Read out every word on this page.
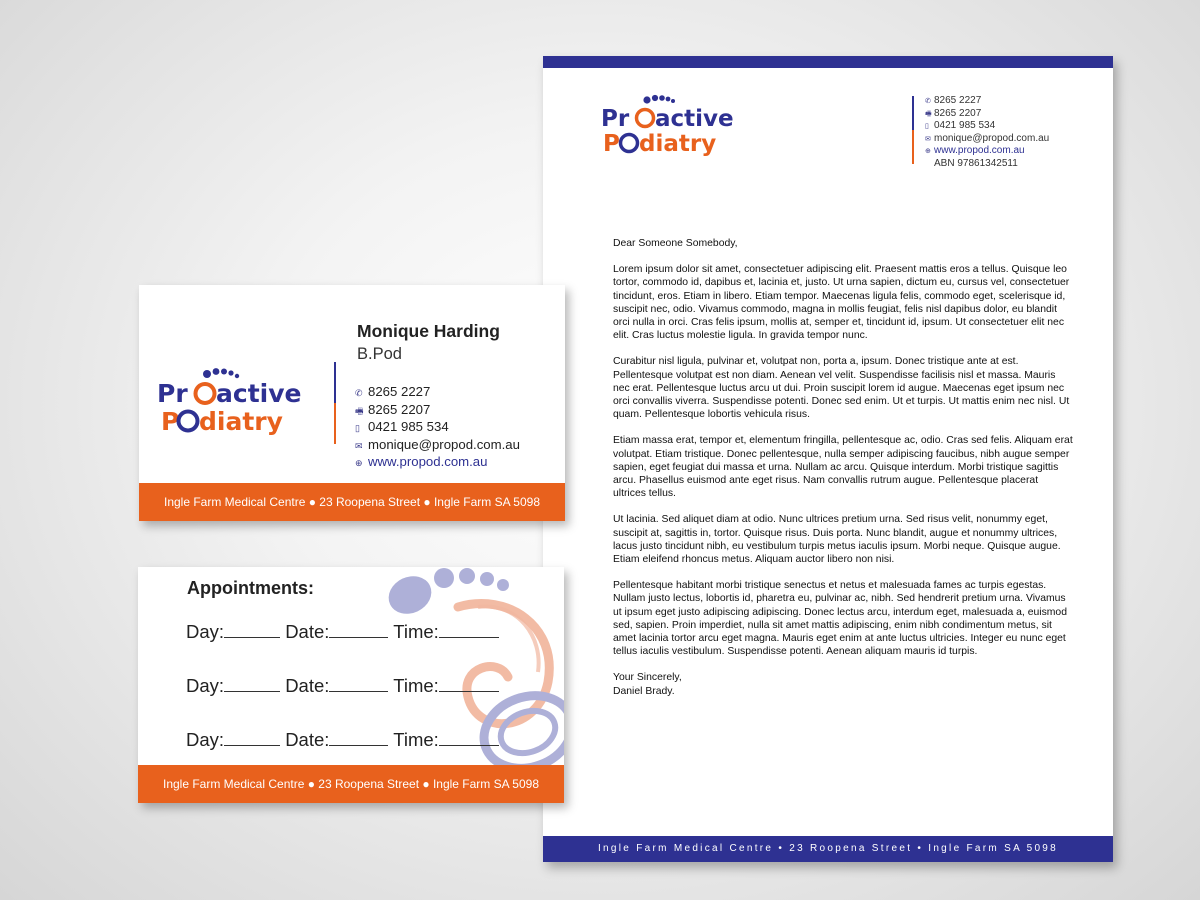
Pr active
P diatry
✆ 8265 2227
🖷 8265 2207
▯ 0421 985 534
✉ monique@propod.com.au
⊕ www.propod.com.au
ABN 97861342511

Dear Someone Somebody,

Lorem ipsum dolor sit amet, consectetuer adipiscing elit. Praesent mattis eros a tellus. Quisque leo tortor, commodo id, dapibus et, lacinia et, justo. Ut urna sapien, dictum eu, cursus vel, consectetuer tincidunt, eros. Etiam in libero. Etiam tempor. Maecenas ligula felis, commodo eget, scelerisque id, suscipit nec, odio. Vivamus commodo, magna in mollis feugiat, felis nisl dapibus dolor, eu blandit orci nulla in orci. Cras felis ipsum, mollis at, semper et, tincidunt id, ipsum. Ut consectetuer elit nec elit. Cras luctus molestie ligula. In gravida tempor nunc.

Curabitur nisl ligula, pulvinar et, volutpat non, porta a, ipsum. Donec tristique ante at est. Pellentesque volutpat est non diam. Aenean vel velit. Suspendisse facilisis nisl et massa. Mauris nec erat. Pellentesque luctus arcu ut dui. Proin suscipit lorem id augue. Maecenas eget ipsum nec orci convallis viverra. Suspendisse potenti. Donec sed enim. Ut et turpis. Ut mattis enim nec nisl. Ut quam. Pellentesque lobortis vehicula risus.

Etiam massa erat, tempor et, elementum fringilla, pellentesque ac, odio. Cras sed felis. Aliquam erat volutpat. Etiam tristique. Donec pellentesque, nulla semper adipiscing faucibus, nibh augue semper sapien, eget feugiat dui massa et urna. Nullam ac arcu. Quisque interdum. Morbi tristique sagittis arcu. Phasellus euismod ante eget risus. Nam convallis rutrum augue. Pellentesque placerat ultrices tellus.

Ut lacinia. Sed aliquet diam at odio. Nunc ultrices pretium urna. Sed risus velit, nonummy eget, suscipit at, sagittis in, tortor. Quisque risus. Duis porta. Nunc blandit, augue et nonummy ultrices, lacus justo tincidunt nibh, eu vestibulum turpis metus iaculis ipsum. Morbi neque. Quisque augue. Etiam eleifend rhoncus metus. Aliquam auctor libero non nisi.

Pellentesque habitant morbi tristique senectus et netus et malesuada fames ac turpis egestas. Nullam justo lectus, lobortis id, pharetra eu, pulvinar ac, nibh. Sed hendrerit pretium urna. Vivamus ut ipsum eget justo adipiscing adipiscing. Donec lectus arcu, interdum eget, malesuada a, euismod sed, sapien. Proin imperdiet, nulla sit amet mattis adipiscing, enim nibh condimentum metus, sit amet lacinia tortor arcu eget magna. Mauris eget enim at ante luctus ultricies. Integer eu nunc eget tellus iaculis vestibulum. Suspendisse potenti. Aenean aliquam mauris id turpis.

Your Sincerely,
Daniel Brady.

Ingle Farm Medical Centre • 23 Roopena Street • Ingle Farm SA 5098
Pr active
P diatry
Monique Harding
B.Pod
✆ 8265 2227
🖷 8265 2207
▯ 0421 985 534
✉ monique@propod.com.au
⊕ www.propod.com.au
Ingle Farm Medical Centre ● 23 Roopena Street ● Ingle Farm SA 5098
Appointments:
Day:	Date:	Time:
Day:	Date:	Time:
Day:	Date:	Time:
Ingle Farm Medical Centre ● 23 Roopena Street ● Ingle Farm SA 5098
